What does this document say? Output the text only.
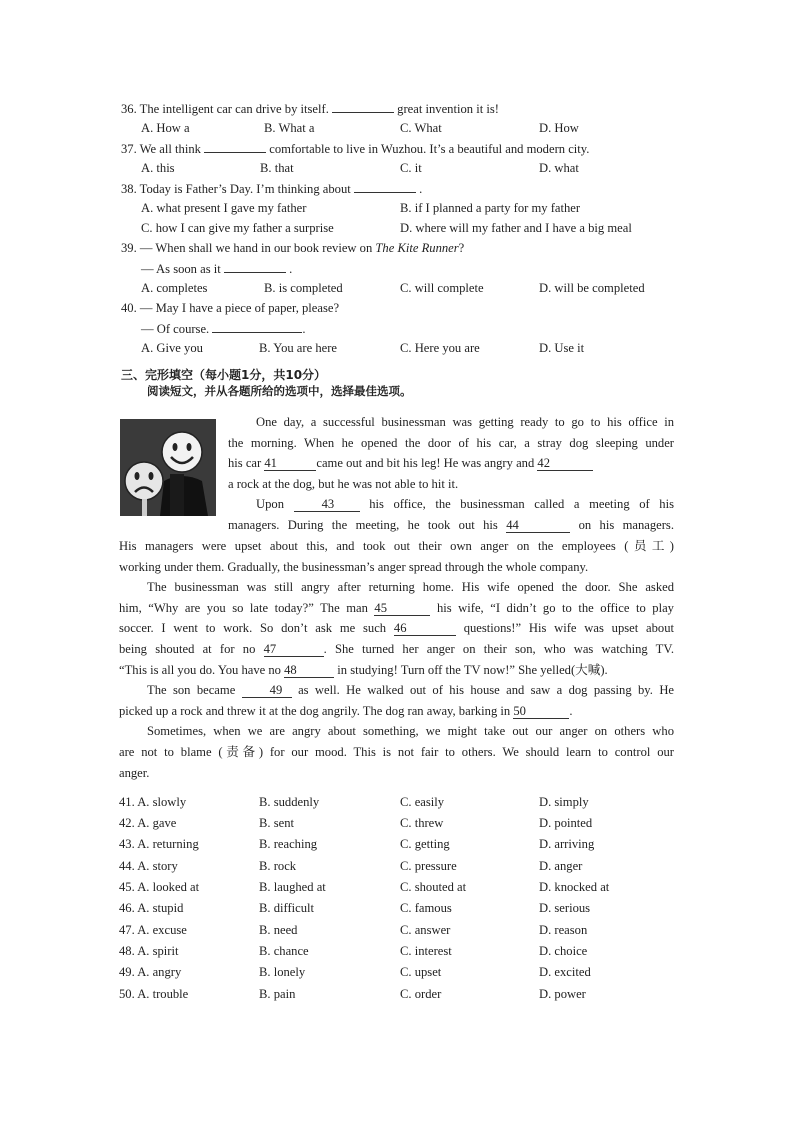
36. The intelligent car can drive by itself.	great invention it is!
A. How a	B. What a	C. What	D. How
37. We all think	comfortable to live in Wuzhou. It’s a beautiful and modern city.
A. this	B. that	C. it	D. what
38. Today is Father’s Day. I’m thinking about	.
A. what present I gave my father	B. if I planned a party for my father
C. how I can give my father a surprise	D. where will my father and I have a big meal
39. — When shall we hand in our book review on The Kite Runner?
— As soon as it	.
A. completes	B. is completed	C. will complete	D. will be completed
40. — May I have a piece of paper, please?
— Of course.	.
A. Give you	B. You are here	C. Here you are	D. Use it
三、完形填空（每小题1分，共10分）
阅读短文，并从各题所给的选项中，选择最佳选项。
One day, a successful businessman was getting ready to go to his office in
the morning. When he opened the door of his car, a stray dog sleeping under
his car 41	came out and bit his leg! He was angry and 42
a rock at the dog, but he was not able to hit it.
Upon	43	his office, the businessman called a meeting of his
managers. During the meeting, he took out his 44	on his managers.
His managers were upset about this, and took out their own anger on the employees (员工)
working under them. Gradually, the businessman’s anger spread through the whole company.
The businessman was still angry after returning home. His wife opened the door. She asked
him, “Why are you so late today?” The man 45	his wife, “I didn’t go to the office to play
soccer. I went to work. So don’t ask me such 46	questions!” His wife was upset about
being shouted at for no 47	. She turned her anger on their son, who was watching TV.
“This is all you do. You have no 48	in studying! Turn off the TV now!” She yelled(大喊).
The son became	49 as well. He walked out of his house and saw a dog passing by. He
picked up a rock and threw it at the dog angrily. The dog ran away, barking in 50	.
Sometimes, when we are angry about something, we might take out our anger on others who
are not to blame (责备) for our mood. This is not fair to others. We should learn to control our
anger.
41. A. slowly	B. suddenly	C. easily	D. simply
42. A. gave	B. sent	C. threw	D. pointed
43. A. returning	B. reaching	C. getting	D. arriving
44. A. story	B. rock	C. pressure	D. anger
45. A. looked at	B. laughed at	C. shouted at	D. knocked at
46. A. stupid	B. difficult	C. famous	D. serious
47. A. excuse	B. need	C. answer	D. reason
48. A. spirit	B. chance	C. interest	D. choice
49. A. angry	B. lonely	C. upset	D. excited
50. A. trouble	B. pain	C. order	D. power
